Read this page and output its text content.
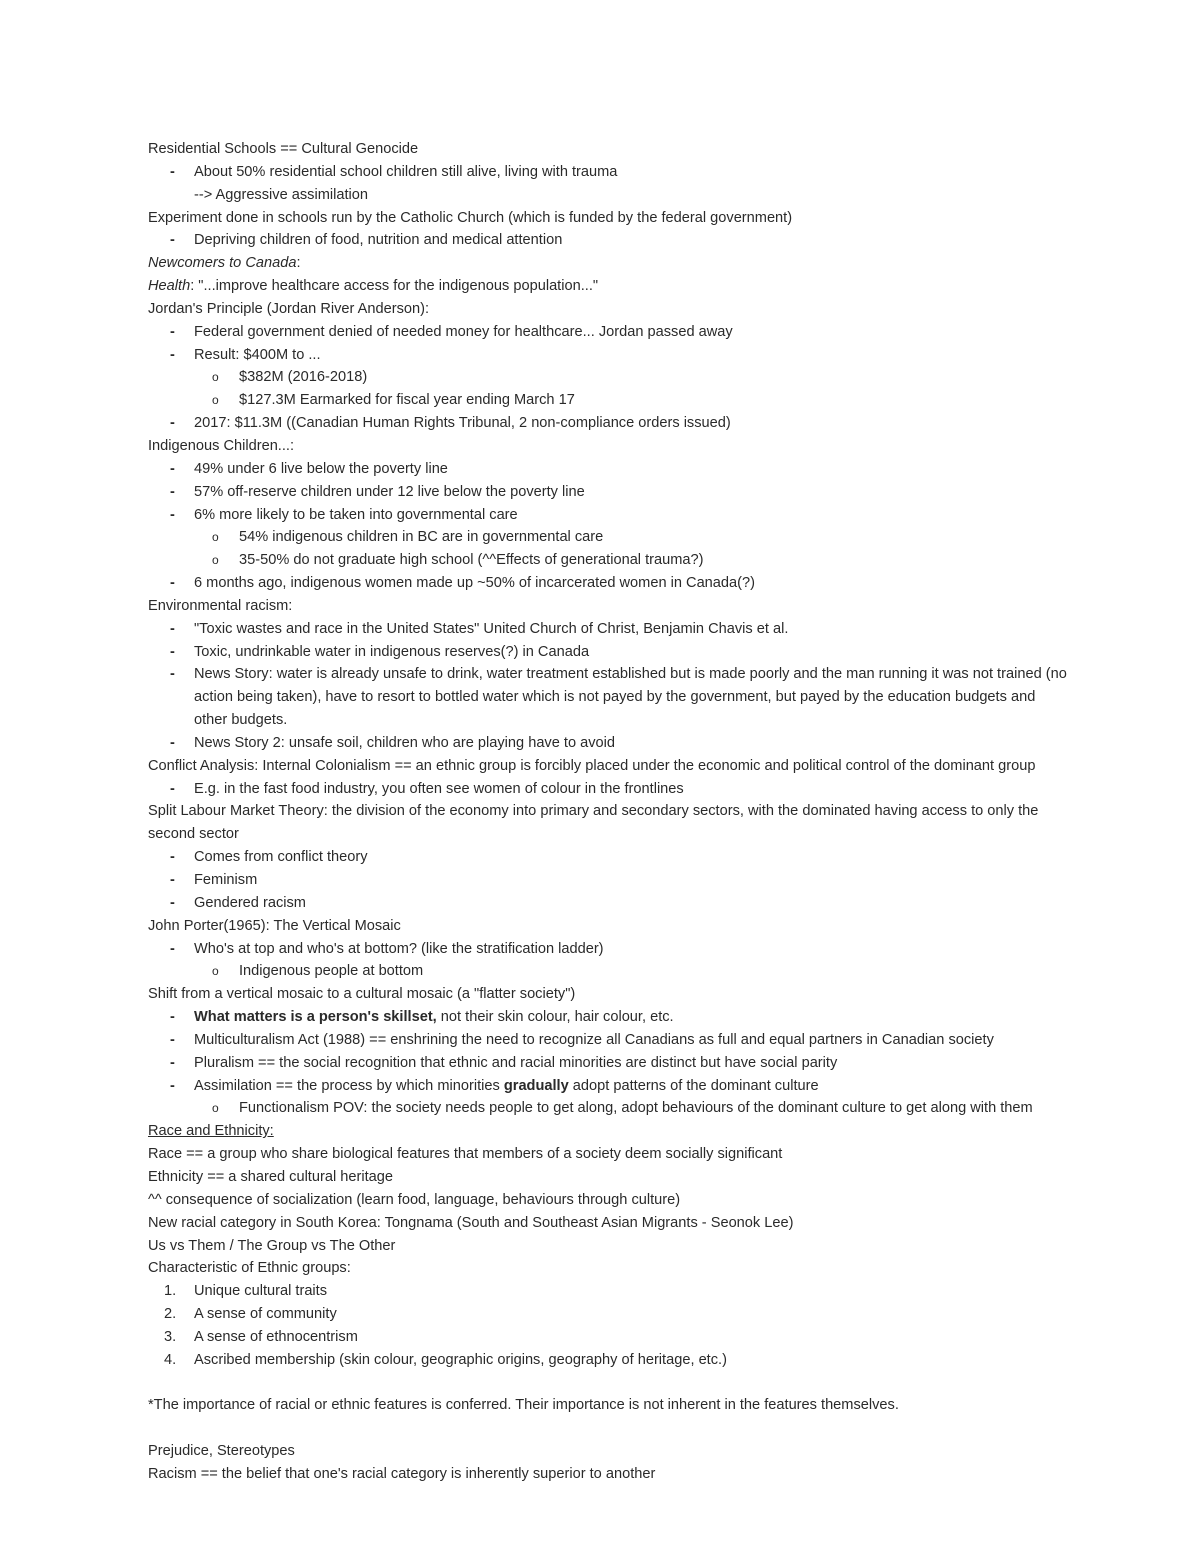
Residential Schools == Cultural Genocide
- About 50% residential school children still alive, living with trauma
--> Aggressive assimilation
Experiment done in schools run by the Catholic Church (which is funded by the federal government)
- Depriving children of food, nutrition and medical attention
Newcomers to Canada:
Health: "...improve healthcare access for the indigenous population..."
Jordan's Principle (Jordan River Anderson):
- Federal government denied of needed money for healthcare... Jordan passed away
- Result: $400M to ...
o $382M (2016-2018)
o $127.3M Earmarked for fiscal year ending March 17
- 2017: $11.3M ((Canadian Human Rights Tribunal, 2 non-compliance orders issued)
Indigenous Children...:
- 49% under 6 live below the poverty line
- 57% off-reserve children under 12 live below the poverty line
- 6% more likely to be taken into governmental care
o 54% indigenous children in BC are in governmental care
o 35-50% do not graduate high school (^^Effects of generational trauma?)
- 6 months ago, indigenous women made up ~50% of incarcerated women in Canada(?)
Environmental racism:
- "Toxic wastes and race in the United States" United Church of Christ, Benjamin Chavis et al.
- Toxic, undrinkable water in indigenous reserves(?) in Canada
- News Story: water is already unsafe to drink, water treatment established but is made poorly and the man running it was not trained (no action being taken), have to resort to bottled water which is not payed by the government, but payed by the education budgets and other budgets.
- News Story 2: unsafe soil, children who are playing have to avoid
Conflict Analysis: Internal Colonialism == an ethnic group is forcibly placed under the economic and political control of the dominant group
- E.g. in the fast food industry, you often see women of colour in the frontlines
Split Labour Market Theory: the division of the economy into primary and secondary sectors, with the dominated having access to only the second sector
- Comes from conflict theory
- Feminism
- Gendered racism
John Porter(1965): The Vertical Mosaic
- Who's at top and who's at bottom? (like the stratification ladder)
o Indigenous people at bottom
Shift from a vertical mosaic to a cultural mosaic (a "flatter society")
- What matters is a person's skillset, not their skin colour, hair colour, etc.
- Multiculturalism Act (1988) == enshrining the need to recognize all Canadians as full and equal partners in Canadian society
- Pluralism == the social recognition that ethnic and racial minorities are distinct but have social parity
- Assimilation == the process by which minorities gradually adopt patterns of the dominant culture
o Functionalism POV: the society needs people to get along, adopt behaviours of the dominant culture to get along with them
Race and Ethnicity:
Race == a group who share biological features that members of a society deem socially significant
Ethnicity == a shared cultural heritage
^^ consequence of socialization (learn food, language, behaviours through culture)
New racial category in South Korea: Tongnama (South and Southeast Asian Migrants - Seonok Lee)
Us vs Them / The Group vs The Other
Characteristic of Ethnic groups:
1. Unique cultural traits
2. A sense of community
3. A sense of ethnocentrism
4. Ascribed membership (skin colour, geographic origins, geography of heritage, etc.)
*The importance of racial or ethnic features is conferred. Their importance is not inherent in the features themselves.
Prejudice, Stereotypes
Racism == the belief that one's racial category is inherently superior to another
